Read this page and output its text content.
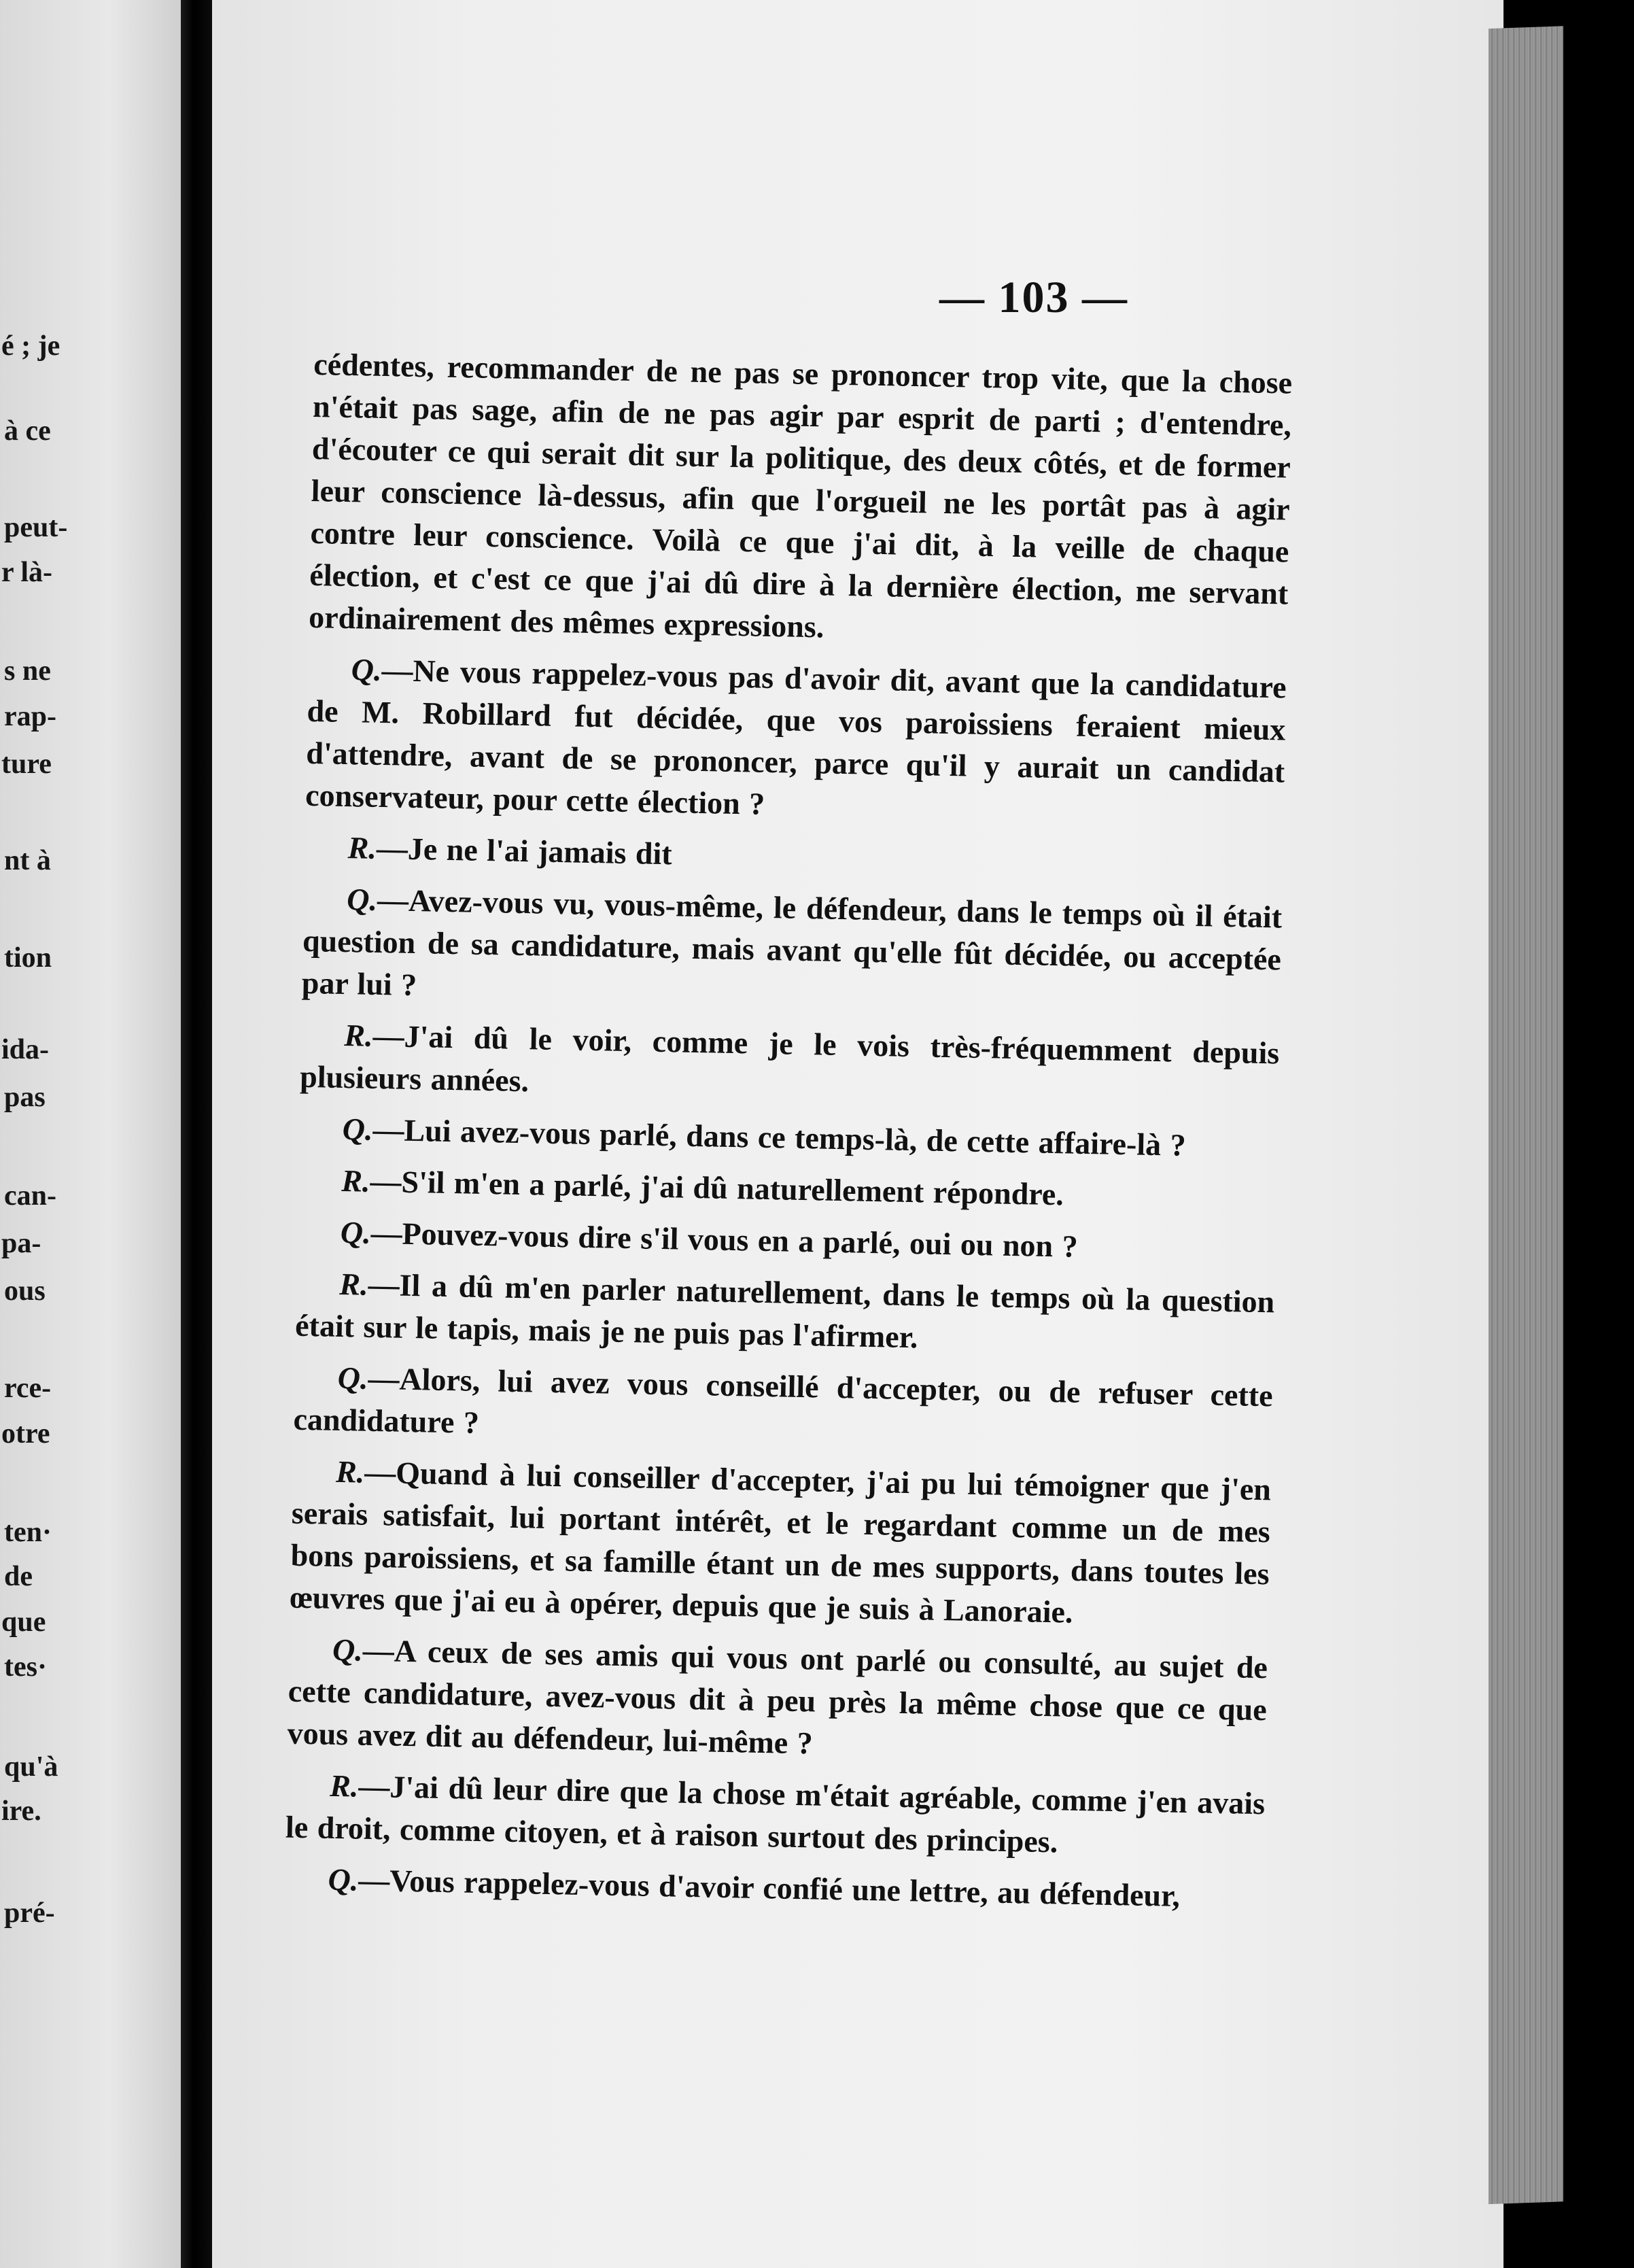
é ; je
à ce
peut-
r là-
s ne
rap-
ture
nt à
tion
ida-
pas
can-
pa-
ous
rce-
otre
ten·
de
que
tes·
qu'à
ire.
pré-
— 103 —

cédentes, recommander de ne pas se prononcer trop vite, que la chose n'était pas sage, afin de ne pas agir par esprit de parti ; d'entendre, d'écouter ce qui serait dit sur la politique, des deux côtés, et de former leur conscience là-dessus, afin que l'orgueil ne les portât pas à agir contre leur conscience. Voilà ce que j'ai dit, à la veille de chaque élection, et c'est ce que j'ai dû dire à la dernière élection, me servant ordinairement des mêmes expressions.

Q.—Ne vous rappelez-vous pas d'avoir dit, avant que la candidature de M. Robillard fut décidée, que vos paroissiens feraient mieux d'attendre, avant de se prononcer, parce qu'il y aurait un candidat conservateur, pour cette élection ?

R.—Je ne l'ai jamais dit

Q.—Avez-vous vu, vous-même, le défendeur, dans le temps où il était question de sa candidature, mais avant qu'elle fût décidée, ou acceptée par lui ?

R.—J'ai dû le voir, comme je le vois très-fréquemment depuis plusieurs années.

Q.—Lui avez-vous parlé, dans ce temps-là, de cette affaire-là ?

R.—S'il m'en a parlé, j'ai dû naturellement répondre.

Q.—Pouvez-vous dire s'il vous en a parlé, oui ou non ?

R.—Il a dû m'en parler naturellement, dans le temps où la question était sur le tapis, mais je ne puis pas l'afirmer.

Q.—Alors, lui avez vous conseillé d'accepter, ou de refuser cette candidature ?

R.—Quand à lui conseiller d'accepter, j'ai pu lui témoigner que j'en serais satisfait, lui portant intérêt, et le regardant comme un de mes bons paroissiens, et sa famille étant un de mes supports, dans toutes les œuvres que j'ai eu à opérer, depuis que je suis à Lanoraie.

Q.—A ceux de ses amis qui vous ont parlé ou consulté, au sujet de cette candidature, avez-vous dit à peu près la même chose que ce que vous avez dit au défendeur, lui-même ?

R.—J'ai dû leur dire que la chose m'était agréable, comme j'en avais le droit, comme citoyen, et à raison surtout des principes.

Q.—Vous rappelez-vous d'avoir confié une lettre, au défendeur,
